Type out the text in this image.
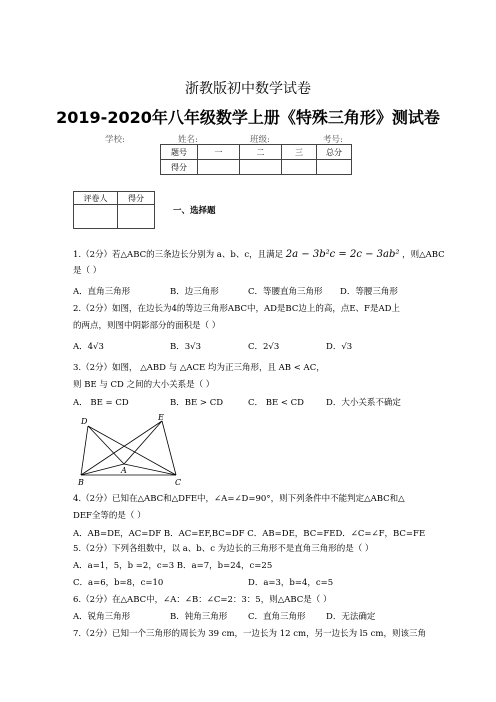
浙教版初中数学试卷
2019-2020年八年级数学上册《特殊三角形》测试卷
学校:	姓名:	班级:	考号:
题号	一	二	三	总分
得分				
评卷人	得分

一、选择题
1.（2分）若△ABC的三条边长分别为 a、b、c，且满足 2a − 3b²c = 2c − 3ab² ，则△ABC
是（ ）
A．直角三角形	B．边三角形	C．等腰直角三角形 D．等腰三角形
2.（2分）如图，在边长为4的等边三角形ABC中，AD是BC边上的高，点E、F是AD上
的两点，则图中阴影部分的面积是（ ）
A．4√3	B．3√3	C．2√3	D．√3
3.（2分）如图， △ABD 与 △ACE 均为正三角形，且 AB < AC，
则 BE 与 CD 之间的大小关系是（ ）
A． BE = CD	B．BE > CD	C． BE < CD	D．大小关系不确定
D	E
A
B	C
4.（2分）已知在△ABC和△DFE中，∠A=∠D=90°，则下列条件中不能判定△ABC和△
DEF全等的是（ ）
A．AB=DE，AC=DF B．AC=EF,BC=DF C．AB=DE，BC=FED．∠C=∠F，BC=FE
5.（2分）下列各组数中，以 a、b、c 为边长的三角形不是直角三角形的是（ ）
A．a=1，5，b =2，c=3 B．a=7，b=24，c=25
C．a=6，b=8，c=10	D．a=3，b=4，c=5
6.（2分）在△ABC中，∠A：∠B：∠C=2：3：5，则△ABC是（ ）
A．锐角三角形	B．钝角三角形 C．直角三角形 D．无法确定
7.（2分）已知一个三角形的周长为 39 cm，一边长为 12 cm，另一边长为 l5 cm，则该三角
